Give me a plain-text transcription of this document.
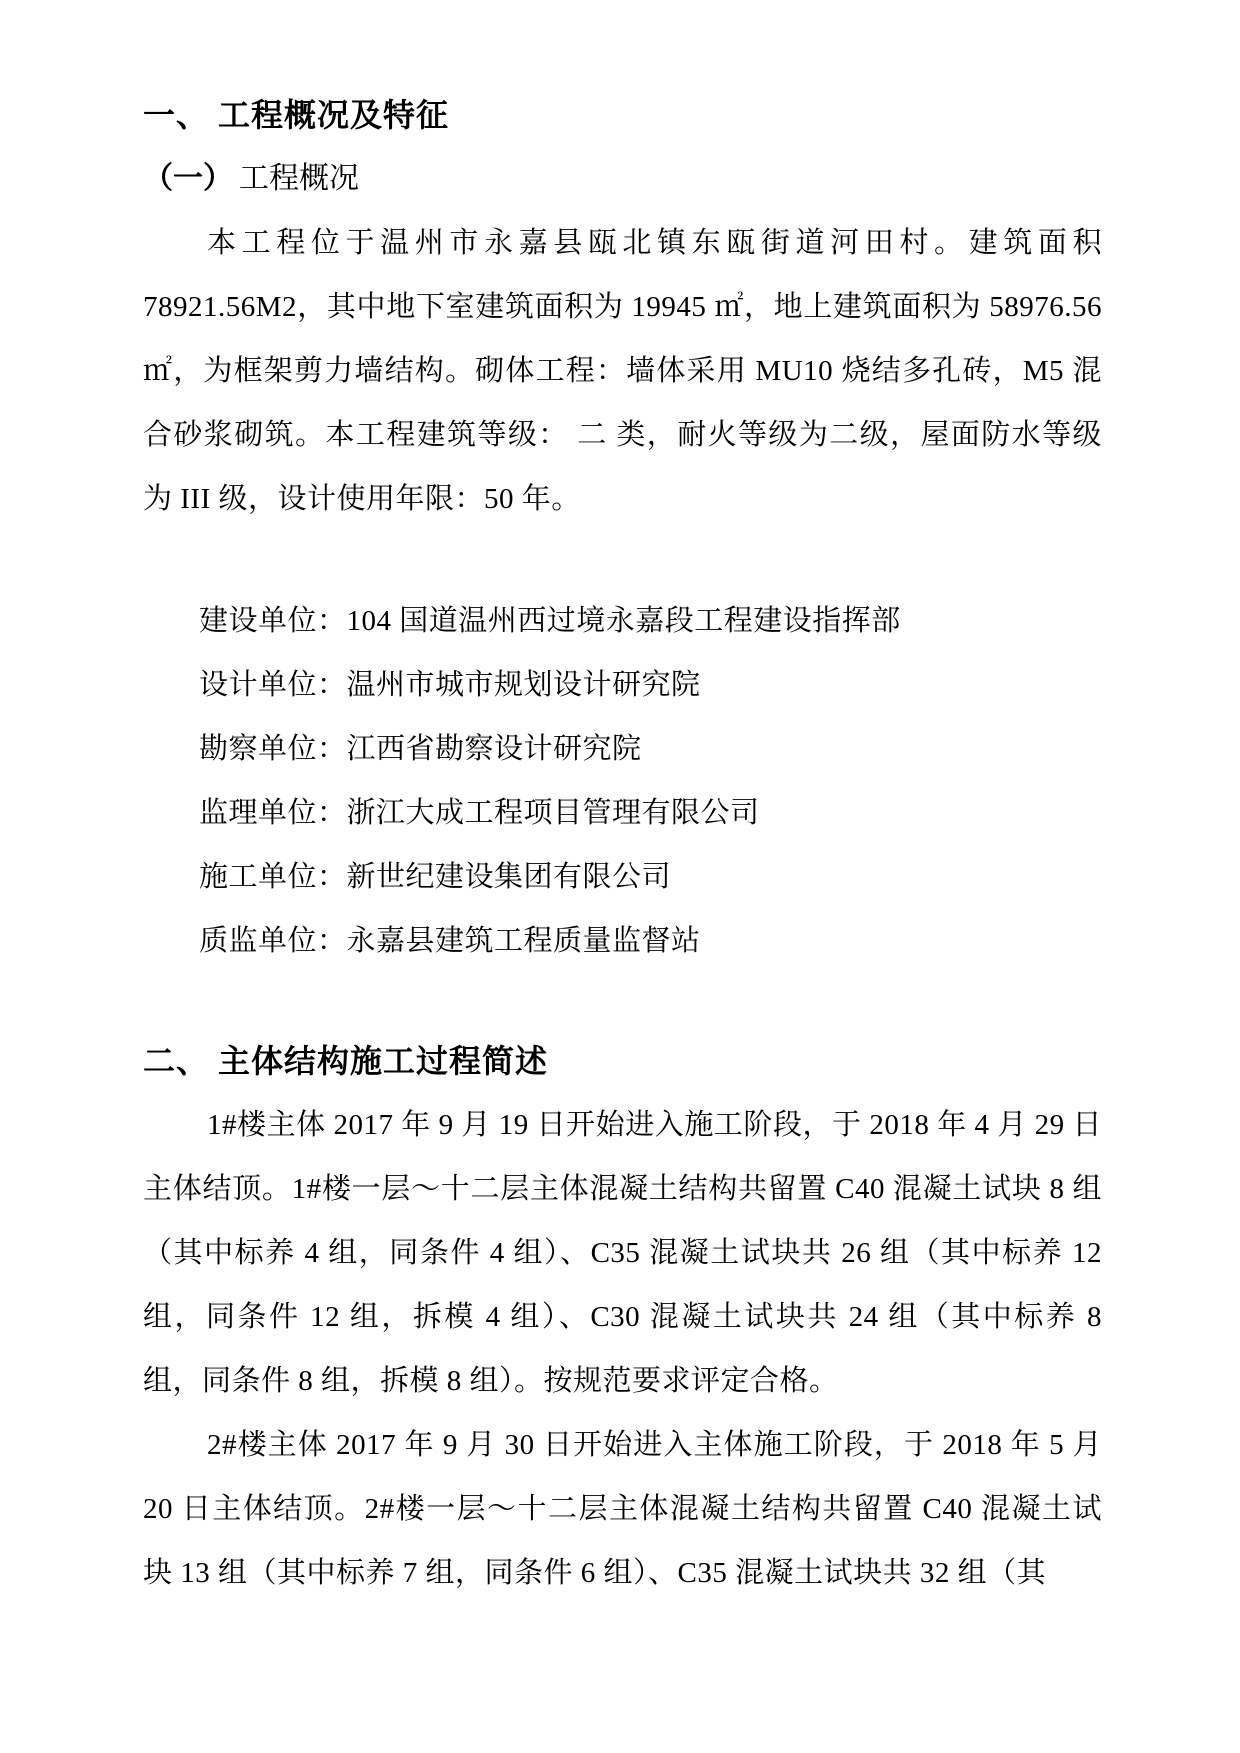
一、 工程概况及特征
（一） 工程概况

本工程位于温州市永嘉县瓯北镇东瓯街道河田村。建筑面积 78921.56M2，其中地下室建筑面积为 19945 ㎡，地上建筑面积为 58976.56 ㎡，为框架剪力墙结构。砌体工程：墙体采用 MU10 烧结多孔砖，M5 混合砂浆砌筑。本工程建筑等级： 二 类，耐火等级为二级，屋面防水等级为 III 级，设计使用年限：50 年。

建设单位：104 国道温州西过境永嘉段工程建设指挥部
设计单位：温州市城市规划设计研究院
勘察单位：江西省勘察设计研究院
监理单位：浙江大成工程项目管理有限公司
施工单位：新世纪建设集团有限公司
质监单位：永嘉县建筑工程质量监督站
二、 主体结构施工过程简述

1#楼主体 2017 年 9 月 19 日开始进入施工阶段，于 2018 年 4 月 29 日主体结顶。1#楼一层～十二层主体混凝土结构共留置 C40 混凝土试块 8 组（其中标养 4 组，同条件 4 组）、C35 混凝土试块共 26 组（其中标养 12 组，同条件 12 组，拆模 4 组）、C30 混凝土试块共 24 组（其中标养 8 组，同条件 8 组，拆模 8 组）。按规范要求评定合格。

2#楼主体 2017 年 9 月 30 日开始进入主体施工阶段，于 2018 年 5 月 20 日主体结顶。2#楼一层～十二层主体混凝土结构共留置 C40 混凝土试块 13 组（其中标养 7 组，同条件 6 组）、C35 混凝土试块共 32 组（其
